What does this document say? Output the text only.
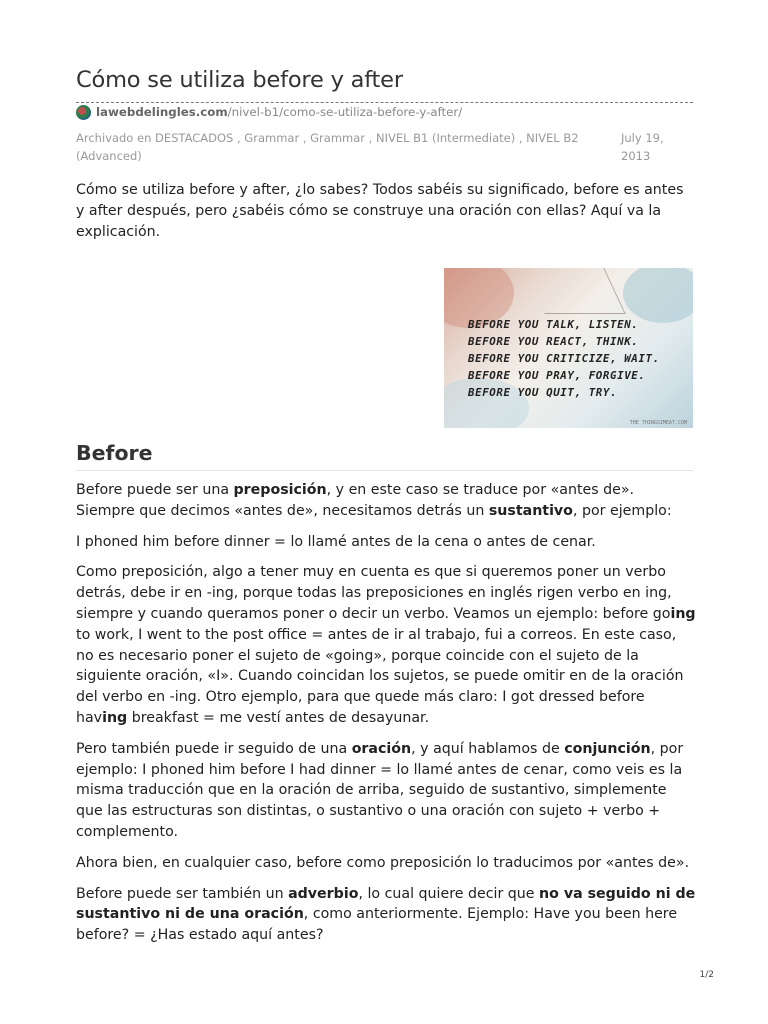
Cómo se utiliza before y after
lawebdelingles.com/nivel-b1/como-se-utiliza-before-y-after/
Archivado en DESTACADOS , Grammar , Grammar , NIVEL B1 (Intermediate) , NIVEL B2 (Advanced)
July 19, 2013

Cómo se utiliza before y after, ¿lo sabes? Todos sabéis su significado, before es antes y after después, pero ¿sabéis cómo se construye una oración con ellas? Aquí va la explicación.

BEFORE YOU TALK, LISTEN.
BEFORE YOU REACT, THINK.
BEFORE YOU CRITICIZE, WAIT.
BEFORE YOU PRAY, FORGIVE.
BEFORE YOU QUIT, TRY.
THE THINGSIMEAT.COM
Before

Before puede ser una preposición, y en este caso se traduce por «antes de». Siempre que decimos «antes de», necesitamos detrás un sustantivo, por ejemplo:

I phoned him before dinner = lo llamé antes de la cena o antes de cenar.

Como preposición, algo a tener muy en cuenta es que si queremos poner un verbo detrás, debe ir en -ing, porque todas las preposiciones en inglés rigen verbo en ing, siempre y cuando queramos poner o decir un verbo. Veamos un ejemplo: before going to work, I went to the post office = antes de ir al trabajo, fui a correos. En este caso, no es necesario poner el sujeto de «going», porque coincide con el sujeto de la siguiente oración, «I». Cuando coincidan los sujetos, se puede omitir en de la oración del verbo en -ing. Otro ejemplo, para que quede más claro: I got dressed before having breakfast = me vestí antes de desayunar.

Pero también puede ir seguido de una oración, y aquí hablamos de conjunción, por ejemplo: I phoned him before I had dinner = lo llamé antes de cenar, como veis es la misma traducción que en la oración de arriba, seguido de sustantivo, simplemente que las estructuras son distintas, o sustantivo o una oración con sujeto + verbo + complemento.

Ahora bien, en cualquier caso, before como preposición lo traducimos por «antes de».

Before puede ser también un adverbio, lo cual quiere decir que no va seguido ni de sustantivo ni de una oración, como anteriormente. Ejemplo: Have you been here before? = ¿Has estado aquí antes?

1/2
